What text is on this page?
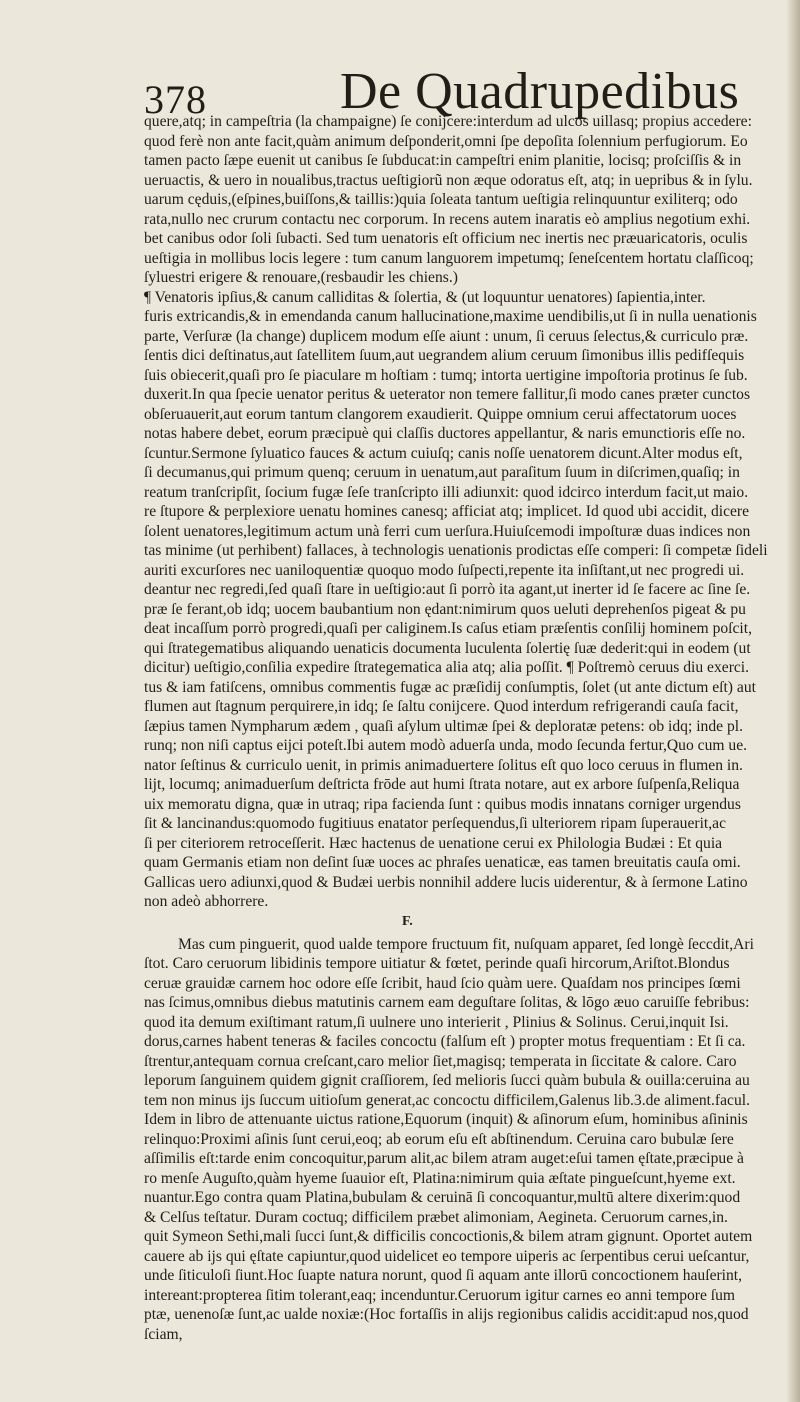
378	De Quadrupedibus

quere,atq; in campeſtria (la champaigne) ſe conijcere:interdum ad ulcos uillasq; propius accedere:
quod ferè non ante facit,quàm animum deſponderit,omni ſpe depoſita ſolennium perfugiorum. Eo
tamen pacto ſæpe euenit ut canibus ſe ſubducat:in campeſtri enim planitie, locisq; proſciſſis & in
ueruactis, & uero in noualibus,tractus ueſtigiorũ non æque odoratus eſt, atq; in uepribus & in ſylu.
uarum cęduis,(eſpines,buiſſons,& taillis:)quia ſoleata tantum ueſtigia relinquuntur exiliterq; odo
rata,nullo nec crurum contactu nec corporum. In recens autem inaratis eò amplius negotium exhi.
bet canibus odor ſoli ſubacti. Sed tum uenatoris eſt officium nec inertis nec præuaricatoris, oculis
ueſtigia in mollibus locis legere : tum canum languorem impetumq; ſeneſcentem hortatu claſſicoq;
ſyluestri erigere & renouare,(resbaudir les chiens.)

¶ Venatoris ipſius,& canum calliditas & ſolertia, & (ut loquuntur uenatores) ſapientia,inter.
furis extricandis,& in emendanda canum hallucinatione,maxime uendibilis,ut ſi in nulla uenationis
parte, Verſuræ (la change) duplicem modum eſſe aiunt : unum, ſi ceruus ſelectus,& curriculo præ.
ſentis dici deſtinatus,aut ſatellitem ſuum,aut uegrandem alium ceruum ſimonibus illis pedifſequis
ſuis obiecerit,quaſi pro ſe piaculare m hoſtiam : tumq; intorta uertigine impoſtoria protinus ſe ſub.
duxerit.In qua ſpecie uenator peritus & ueterator non temere fallitur,ſi modo canes præter cunctos
obſeruauerit,aut eorum tantum clangorem exaudierit. Quippe omnium cerui affectatorum uoces
notas habere debet, eorum præcipuè qui claſſis ductores appellantur, & naris emunctioris eſſe no.
ſcuntur.Sermone ſyluatico fauces & actum cuiuſq; canis noſſe uenatorem dicunt.Alter modus eſt,
ſi decumanus,qui primum quenq; ceruum in uenatum,aut paraſitum ſuum in diſcrimen,quaſiq; in
reatum tranſcripſit, ſocium fugæ ſeſe tranſcripto illi adiunxit: quod idcirco interdum facit,ut maio.
re ſtupore & perplexiore uenatu homines canesq; afficiat atq; implicet. Id quod ubi accidit, dicere
ſolent uenatores,legitimum actum unà ferri cum uerſura.Huiuſcemodi impoſturæ duas indices non
tas minime (ut perhibent) fallaces, à technologis uenationis prodictas eſſe comperi: ſi competæ ſideli
auriti excurſores nec uaniloquentiæ quoquo modo ſuſpecti,repente ita inſiſtant,ut nec progredi ui.
deantur nec regredi,ſed quaſi ſtare in ueſtigio:aut ſi porrò ita agant,ut inerter id ſe facere ac ſine ſe.
præ ſe ferant,ob idq; uocem baubantium non ędant:nimirum quos ueluti deprehenſos pigeat & pu
deat incaſſum porrò progredi,quaſi per caliginem.Is caſus etiam præſentis conſilij hominem poſcit,
qui ſtrategematibus aliquando uenaticis documenta luculenta ſolertię ſuæ dederit:qui in eodem (ut
dicitur) ueſtigio,conſilia expedire ſtrategematica alia atq; alia poſſit. ¶ Poſtremò ceruus diu exerci.
tus & iam fatiſcens, omnibus commentis fugæ ac præſidij conſumptis, ſolet (ut ante dictum eſt) aut
flumen aut ſtagnum perquirere,in idq; ſe ſaltu conijcere. Quod interdum refrigerandi cauſa facit,
ſæpius tamen Nympharum ædem , quaſi aſylum ultimæ ſpei & deploratæ petens: ob idq; inde pl.
runq; non niſi captus eijci poteſt.Ibi autem modò aduerſa unda, modo ſecunda fertur,Quo cum ue.
nator ſeſtinus & curriculo uenit, in primis animaduertere ſolitus eſt quo loco ceruus in flumen in.
lijt, locumq; animaduerſum deſtricta frōde aut humi ſtrata notare, aut ex arbore ſuſpenſa,Reliqua
uix memoratu digna, quæ in utraq; ripa facienda ſunt : quibus modis innatans corniger urgendus
ſit & lancinandus:quomodo fugitiuus enatator perſequendus,ſi ulteriorem ripam ſuperauerit,ac
ſi per citeriorem retroceſſerit. Hæc hactenus de uenatione cerui ex Philologia Budæi : Et quia
quam Germanis etiam non deſint ſuæ uoces ac phraſes uenaticæ, eas tamen breuitatis cauſa omi.
Gallicas uero adiunxi,quod & Budæi uerbis nonnihil addere lucis uiderentur, & à ſermone Latino
non adeò abhorrere.

F.

Mas cum pinguerit, quod ualde tempore fructuum fit, nuſquam apparet, ſed longè ſeccdit,Ari
ſtot. Caro ceruorum libidinis tempore uitiatur & fœtet, perinde quaſi hircorum,Ariſtot.Blondus
ceruæ grauidæ carnem hoc odore eſſe ſcribit, haud ſcio quàm uere. Quaſdam nos principes ſœmi
nas ſcimus,omnibus diebus matutinis carnem eam deguſtare ſolitas, & lōgo æuo caruiſſe febribus:
quod ita demum exiſtimant ratum,ſi uulnere uno interierit , Plinius & Solinus. Cerui,inquit Isi.
dorus,carnes habent teneras & faciles concoctu (falſum eſt ) propter motus frequentiam : Et ſi ca.
ſtrentur,antequam cornua creſcant,caro melior ſiet,magisq; temperata in ſiccitate & calore. Caro
leporum ſanguinem quidem gignit craſſiorem, ſed melioris ſucci quàm bubula & ouilla:ceruina au
tem non minus ijs ſuccum uitioſum generat,ac concoctu difficilem,Galenus lib.3.de aliment.facul.
Idem in libro de attenuante uictus ratione,Equorum (inquit) & aſinorum eſum, hominibus aſininis
relinquo:Proximi aſinis ſunt cerui,eoq; ab eorum eſu eſt abſtinendum. Ceruina caro bubulæ ſere
aſſimilis eſt:tarde enim concoquitur,parum alit,ac bilem atram auget:eſui tamen ęſtate,præcipue à
ro menſe Auguſto,quàm hyeme ſuauior eſt, Platina:nimirum quia æſtate pingueſcunt,hyeme ext.
nuantur.Ego contra quam Platina,bubulam & ceruinā ſi concoquantur,multū altere dixerim:quod
& Celſus teſtatur. Duram coctuq; difficilem præbet alimoniam, Aegineta. Ceruorum carnes,in.
quit Symeon Sethi,mali ſucci ſunt,& difficilis concoctionis,& bilem atram gignunt. Oportet autem
cauere ab ijs qui ęſtate capiuntur,quod uidelicet eo tempore uiperis ac ſerpentibus cerui ueſcantur,
unde ſiticuloſi ſiunt.Hoc ſuapte natura norunt, quod ſi aquam ante illorū concoctionem hauſerint,
intereant:propterea ſitim tolerant,eaq; incenduntur.Ceruorum igitur carnes eo anni tempore ſum
ptæ, uenenoſæ ſunt,ac ualde noxiæ:(Hoc fortaſſis in alijs regionibus calidis accidit:apud nos,quod
ſciam,
